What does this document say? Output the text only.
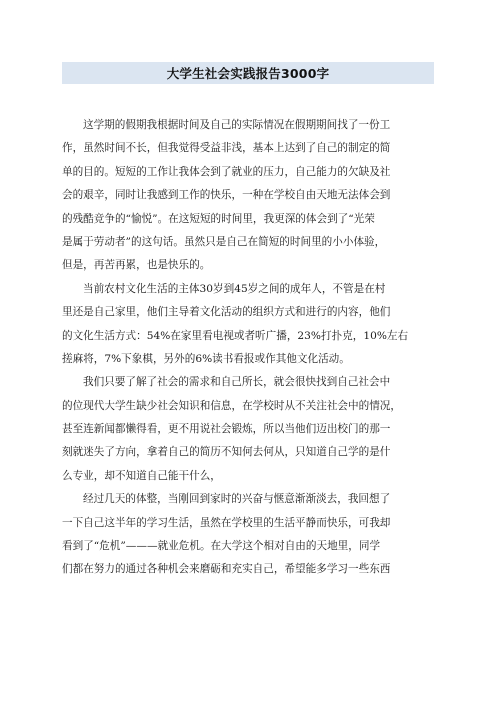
大学生社会实践报告3000字
这学期的假期我根据时间及自己的实际情况在假期期间找了一份工
作，虽然时间不长，但我觉得受益非浅，基本上达到了自己的制定的简
单的目的。短短的工作让我体会到了就业的压力，自己能力的欠缺及社
会的艰辛，同时让我感到工作的快乐，一种在学校自由天地无法体会到
的残酷竞争的“愉悦”。在这短短的时间里，我更深的体会到了“光荣
是属于劳动者”的这句话。虽然只是自己在简短的时间里的小小体验，
但是，再苦再累，也是快乐的。
当前农村文化生活的主体30岁到45岁之间的成年人，不管是在村
里还是自己家里，他们主导着文化活动的组织方式和进行的内容，他们
的文化生活方式：54%在家里看电视或者听广播，23%打扑克，10%左右
搓麻将，7%下象棋，另外的6%读书看报或作其他文化活动。
我们只要了解了社会的需求和自己所长，就会很快找到自己社会中
的位现代大学生缺少社会知识和信息，在学校时从不关注社会中的情况，
甚至连新闻都懒得看，更不用说社会锻炼，所以当他们迈出校门的那一
刻就迷失了方向，拿着自己的简历不知何去何从，只知道自己学的是什
么专业，却不知道自己能干什么，
经过几天的体整，当刚回到家时的兴奋与惬意渐渐淡去，我回想了
一下自己这半年的学习生活，虽然在学校里的生活平静而快乐，可我却
看到了“危机”———就业危机。在大学这个相对自由的天地里，同学
们都在努力的通过各种机会来磨砺和充实自己，希望能多学习一些东西
